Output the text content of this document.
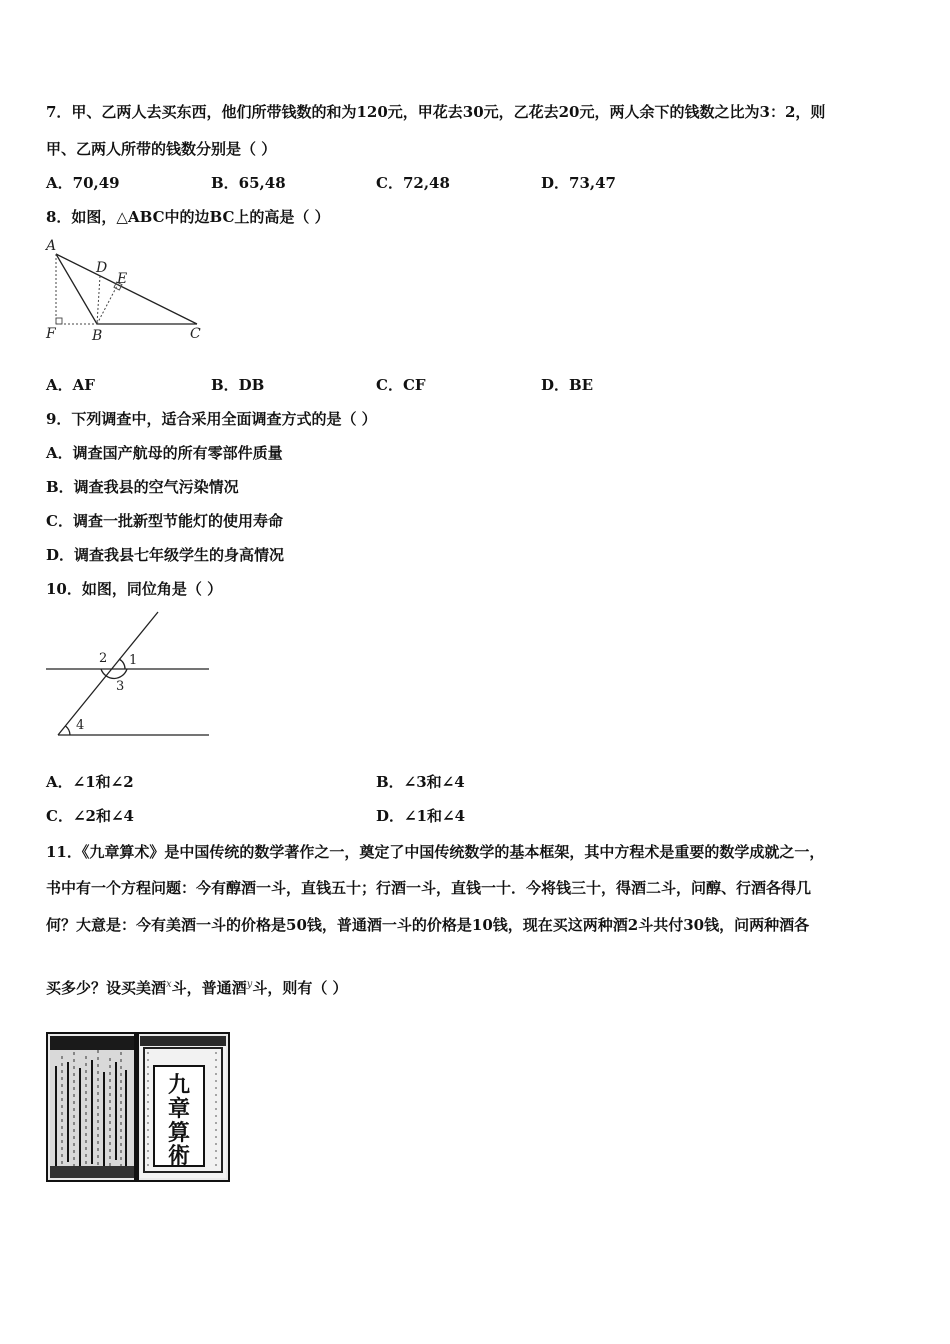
7．甲、乙两人去买东西，他们所带钱数的和为120元，甲花去30元，乙花去20元，两人余下的钱数之比为3：2，则
甲、乙两人所带的钱数分别是（ ）
A．70,49	B．65,48	C．72,48	D．73,47
8．如图，△ABC中的边BC上的高是（ ）
A
D
E
F	B	C
A．AF	B．DB	C．CF	D．BE
9．下列调查中，适合采用全面调查方式的是（ ）
A．调查国产航母的所有零部件质量
B．调查我县的空气污染情况
C．调查一批新型节能灯的使用寿命
D．调查我县七年级学生的身高情况
10．如图，同位角是（ ）
2 1
3
4
A．∠1和∠2	B．∠3和∠4
C．∠2和∠4	D．∠1和∠4
11．《九章算术》是中国传统的数学著作之一，奠定了中国传统数学的基本框架，其中方程术是重要的数学成就之一，
书中有一个方程问题：今有醇酒一斗，直钱五十；行酒一斗，直钱一十．今将钱三十，得酒二斗，问醇、行酒各得几
何？大意是：今有美酒一斗的价格是50钱，普通酒一斗的价格是10钱，现在买这两种酒2斗共付30钱，问两种酒各
买多少？设买美酒$^x$斗，普通酒$^y$斗，则有（ ）
九
章
算
術
